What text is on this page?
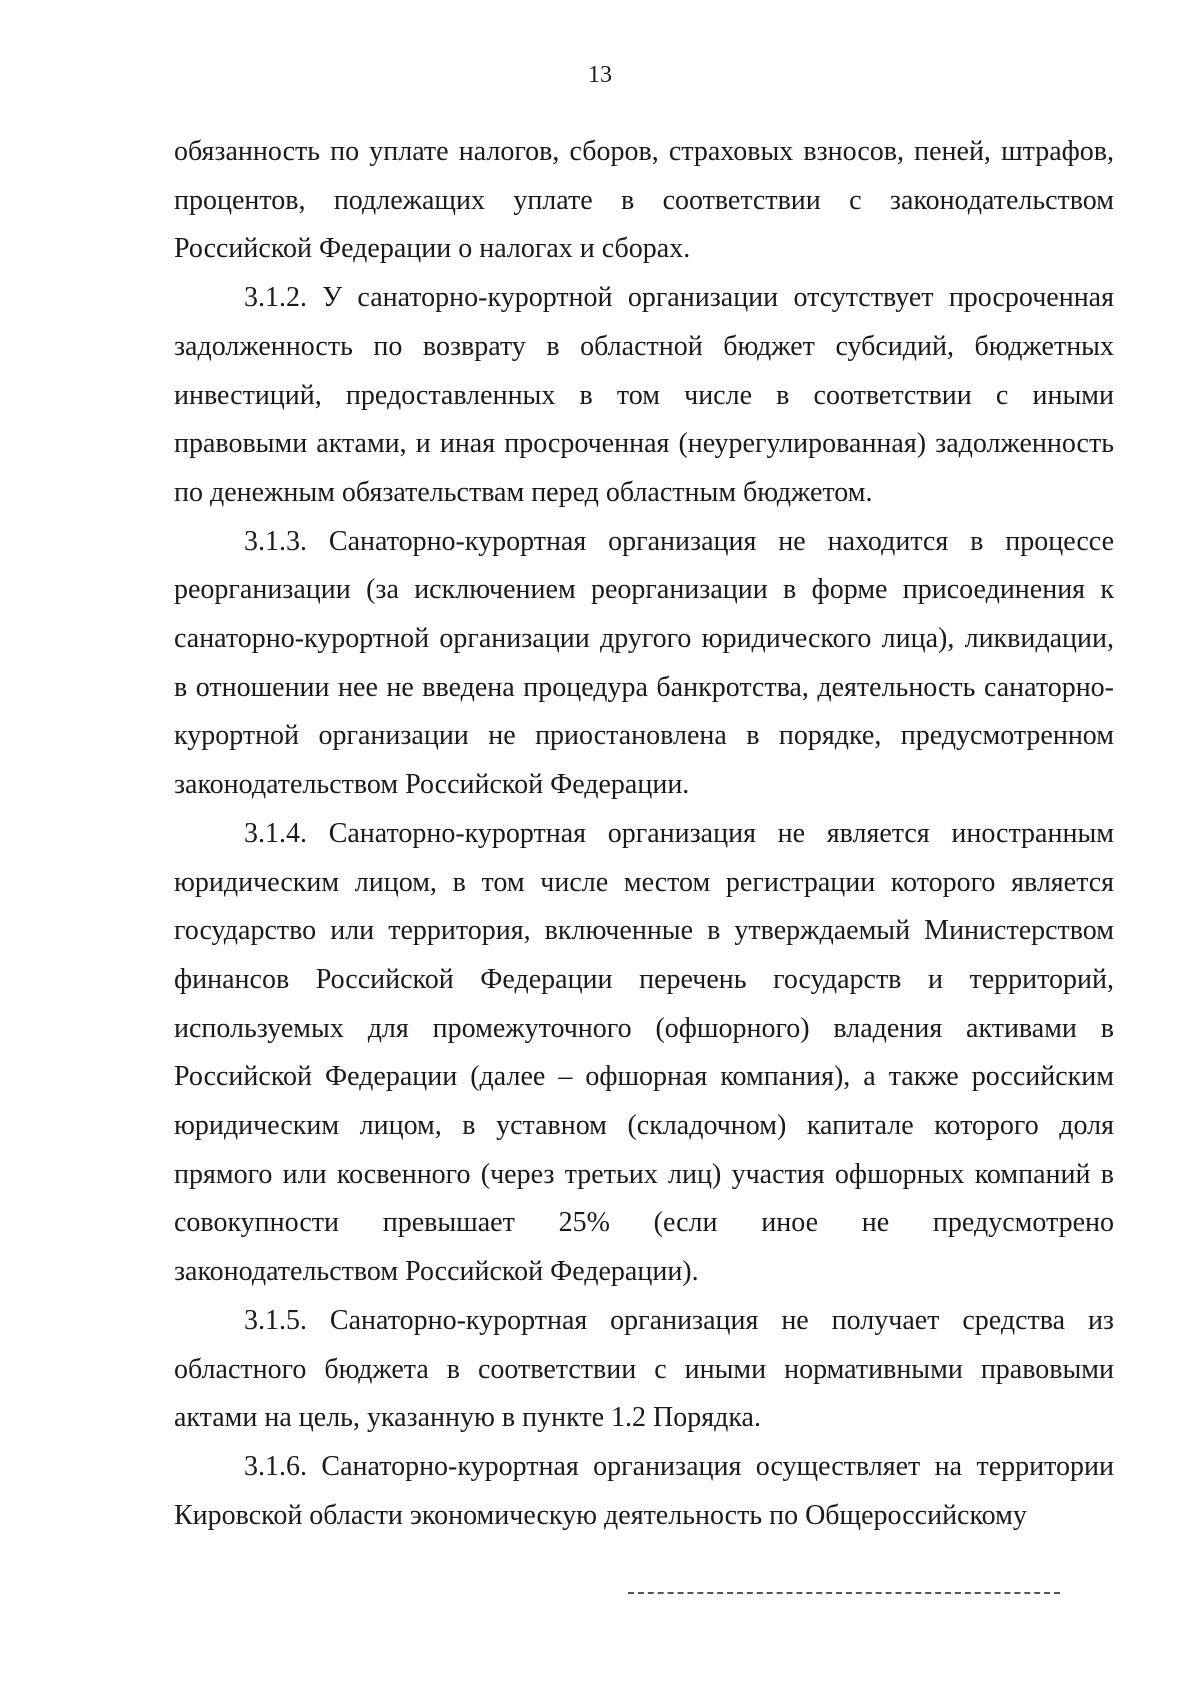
13

обязанность по уплате налогов, сборов, страховых взносов, пеней, штрафов, процентов, подлежащих уплате в соответствии с законодательством Российской Федерации о налогах и сборах.

3.1.2. У санаторно-курортной организации отсутствует просроченная задолженность по возврату в областной бюджет субсидий, бюджетных инвестиций, предоставленных в том числе в соответствии с иными правовыми актами, и иная просроченная (неурегулированная) задолженность по денежным обязательствам перед областным бюджетом.

3.1.3. Санаторно-курортная организация не находится в процессе реорганизации (за исключением реорганизации в форме присоединения к санаторно-курортной организации другого юридического лица), ликвидации, в отношении нее не введена процедура банкротства, деятельность санаторно-курортной организации не приостановлена в порядке, предусмотренном законодательством Российской Федерации.

3.1.4. Санаторно-курортная организация не является иностранным юридическим лицом, в том числе местом регистрации которого является государство или территория, включенные в утверждаемый Министерством финансов Российской Федерации перечень государств и территорий, используемых для промежуточного (офшорного) владения активами в Российской Федерации (далее – офшорная компания), а также российским юридическим лицом, в уставном (складочном) капитале которого доля прямого или косвенного (через третьих лиц) участия офшорных компаний в совокупности превышает 25% (если иное не предусмотрено законодательством Российской Федерации).

3.1.5. Санаторно-курортная организация не получает средства из областного бюджета в соответствии с иными нормативными правовыми актами на цель, указанную в пункте 1.2 Порядка.

3.1.6. Санаторно-курортная организация осуществляет на территории Кировской области экономическую деятельность по Общероссийскому
